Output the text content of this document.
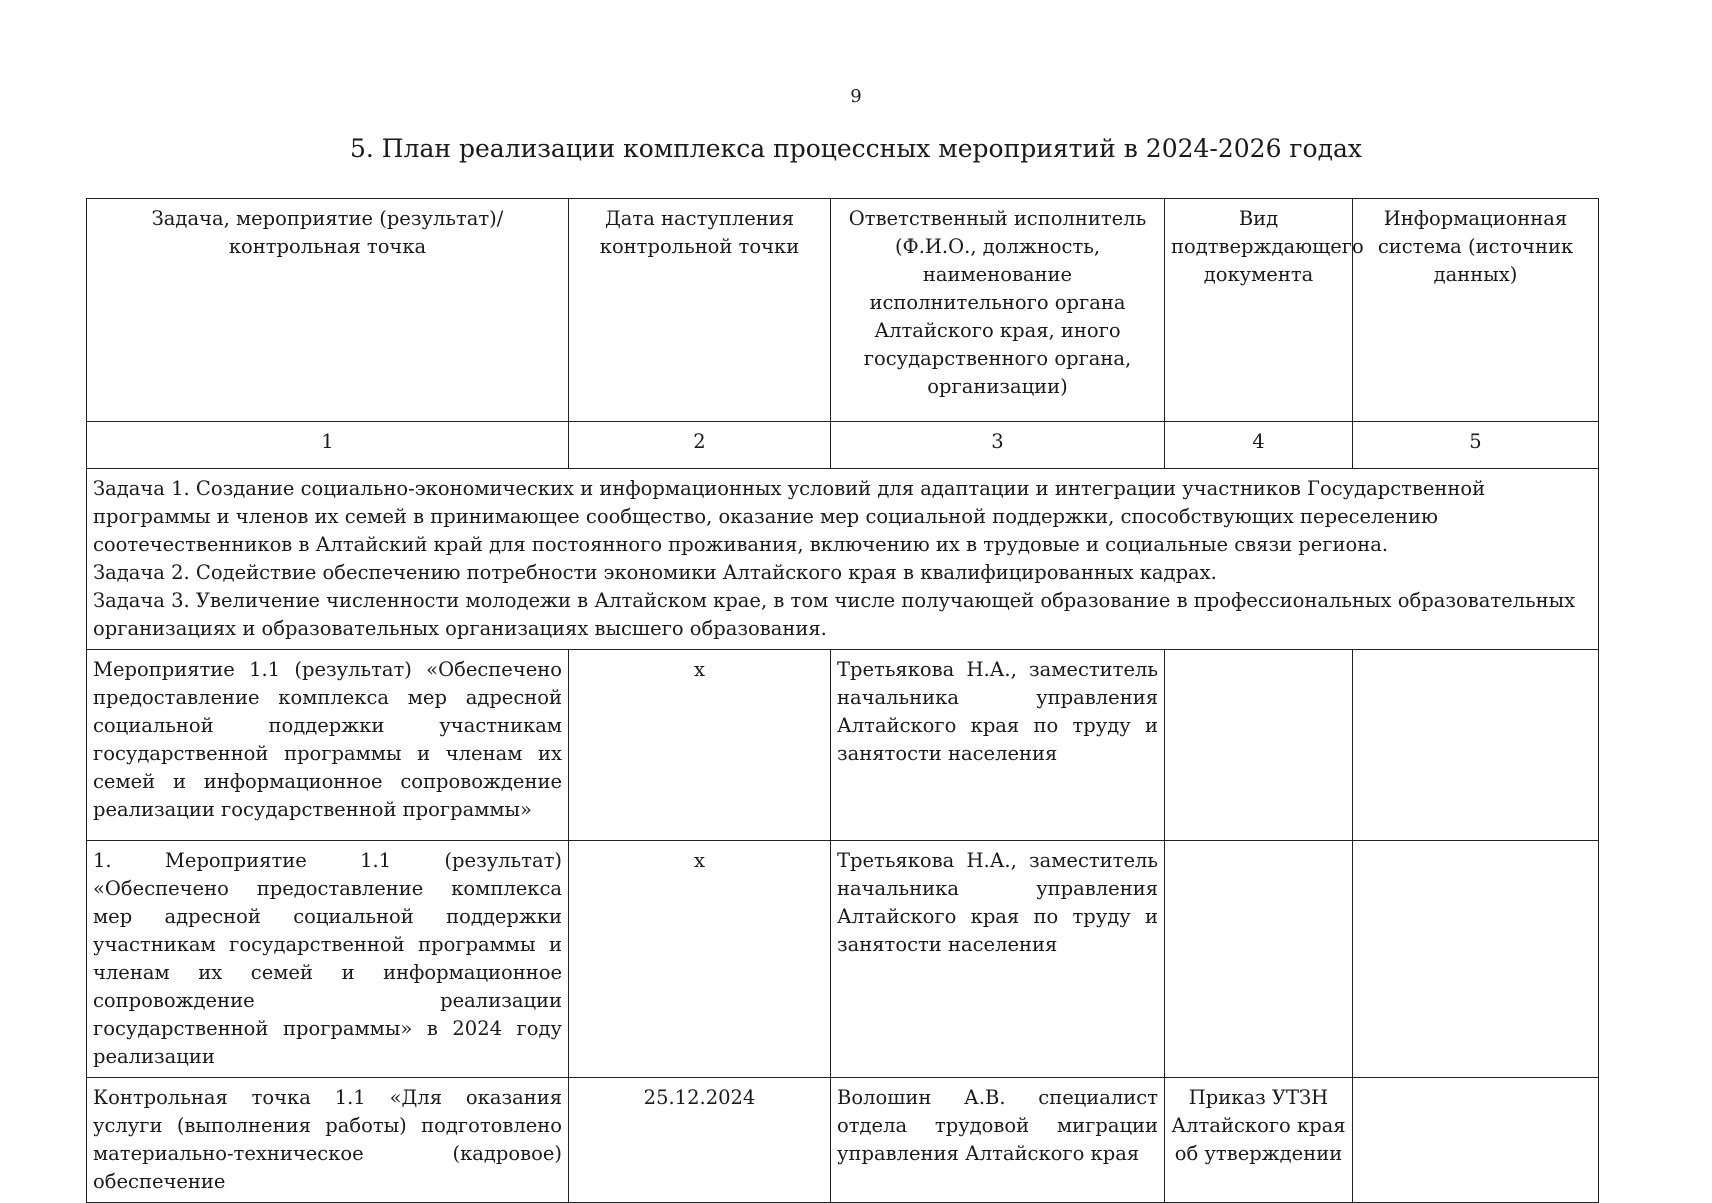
9
5. План реализации комплекса процессных мероприятий в 2024-2026 годах
Задача, мероприятие (результат)/ контрольная точка	Дата наступления контрольной точки	Ответственный исполнитель (Ф.И.О., должность, наименование исполнительного органа Алтайского края, иного государственного органа, организации)	Вид подтверждающего документа	Информационная система (источник данных)
1	2	3	4	5

Задача 1. Создание социально-экономических и информационных условий для адаптации и интеграции участников Государственной программы и членов их семей в принимающее сообщество, оказание мер социальной поддержки, способствующих переселению соотечественников в Алтайский край для постоянного проживания, включению их в трудовые и социальные связи региона.
Задача 2. Содействие обеспечению потребности экономики Алтайского края в квалифицированных кадрах.
Задача 3. Увеличение численности молодежи в Алтайском крае, в том числе получающей образование в профессиональных образовательных организациях и образовательных организациях высшего образования.				

Мероприятие 1.1 (результат) «Обеспечено предоставление комплекса мер адресной социальной поддержки участникам государственной программы и членам их семей и информационное сопровождение реализации государственной программы»	х	Третьякова Н.А., заместитель начальника управления Алтайского края по труду и занятости населения		
1. Мероприятие 1.1 (результат) «Обеспечено предоставление комплекса мер адресной социальной поддержки участникам государственной программы и членам их семей и информационное сопровождение реализации государственной программы» в 2024 году реализации	х	Третьякова Н.А., заместитель начальника управления Алтайского края по труду и занятости населения		
Контрольная точка 1.1 «Для оказания услуги (выполнения работы) подготовлено материально-техническое (кадровое) обеспечение	25.12.2024	Волошин А.В. специалист отдела трудовой миграции управления Алтайского края	Приказ УТЗН Алтайского края об утверждении	
